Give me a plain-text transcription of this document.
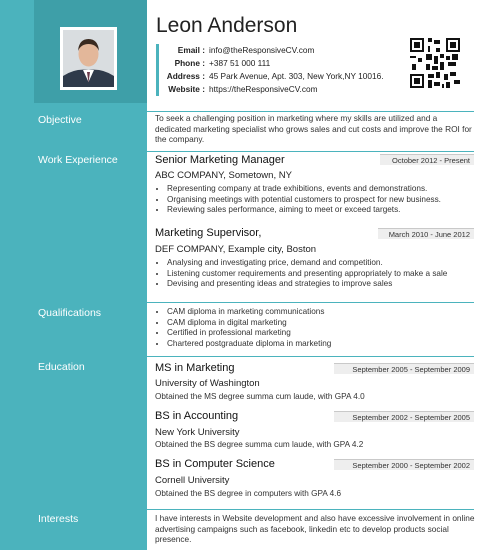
Leon Anderson
Email : info@theResponsiveCV.com
Phone : +387 51 000 111
Address : 45 Park Avenue, Apt. 303, New York,NY 10016.
Website : https://theResponsiveCV.com
Objective	To seek a challenging position in marketing where my skills are utilized and a dedicated marketing specialist who grows sales and cut costs and improve the ROI for the company.
Work Experience	Senior Marketing Manager	October 2012 - Present
ABC COMPANY, Sometown, NY
• Representing company at trade exhibitions, events and demonstrations.
• Organising meetings with potential customers to prospect for new business.
• Reviewing sales performance, aiming to meet or exceed targets.
Marketing Supervisor,	March 2010 - June 2012
DEF COMPANY, Example city, Boston
• Analysing and investigating price, demand and competition.
• Listening customer requirements and presenting appropriately to make a sale
• Devising and presenting ideas and strategies to improve sales
Qualifications
•	CAM diploma in marketing communications
• CAM diploma in digital marketing
• Certified in professional marketing
• Chartered postgraduate diploma in marketing
Education	MS in Marketing	September 2005 - September 2009
University of Washington
Obtained the MS degree summa cum laude, with GPA 4.0
BS in Accounting	September 2002 - September 2005
New York University
Obtained the BS degree summa cum laude, with GPA 4.2
BS in Computer Science	September 2000 - September 2002
Cornell University
Obtained the BS degree in computers with GPA 4.6
Interests	I have interests in Website development and also have excessive involvement in online advertising campaigns such as facebook, linkedin etc to develop products social presence.
